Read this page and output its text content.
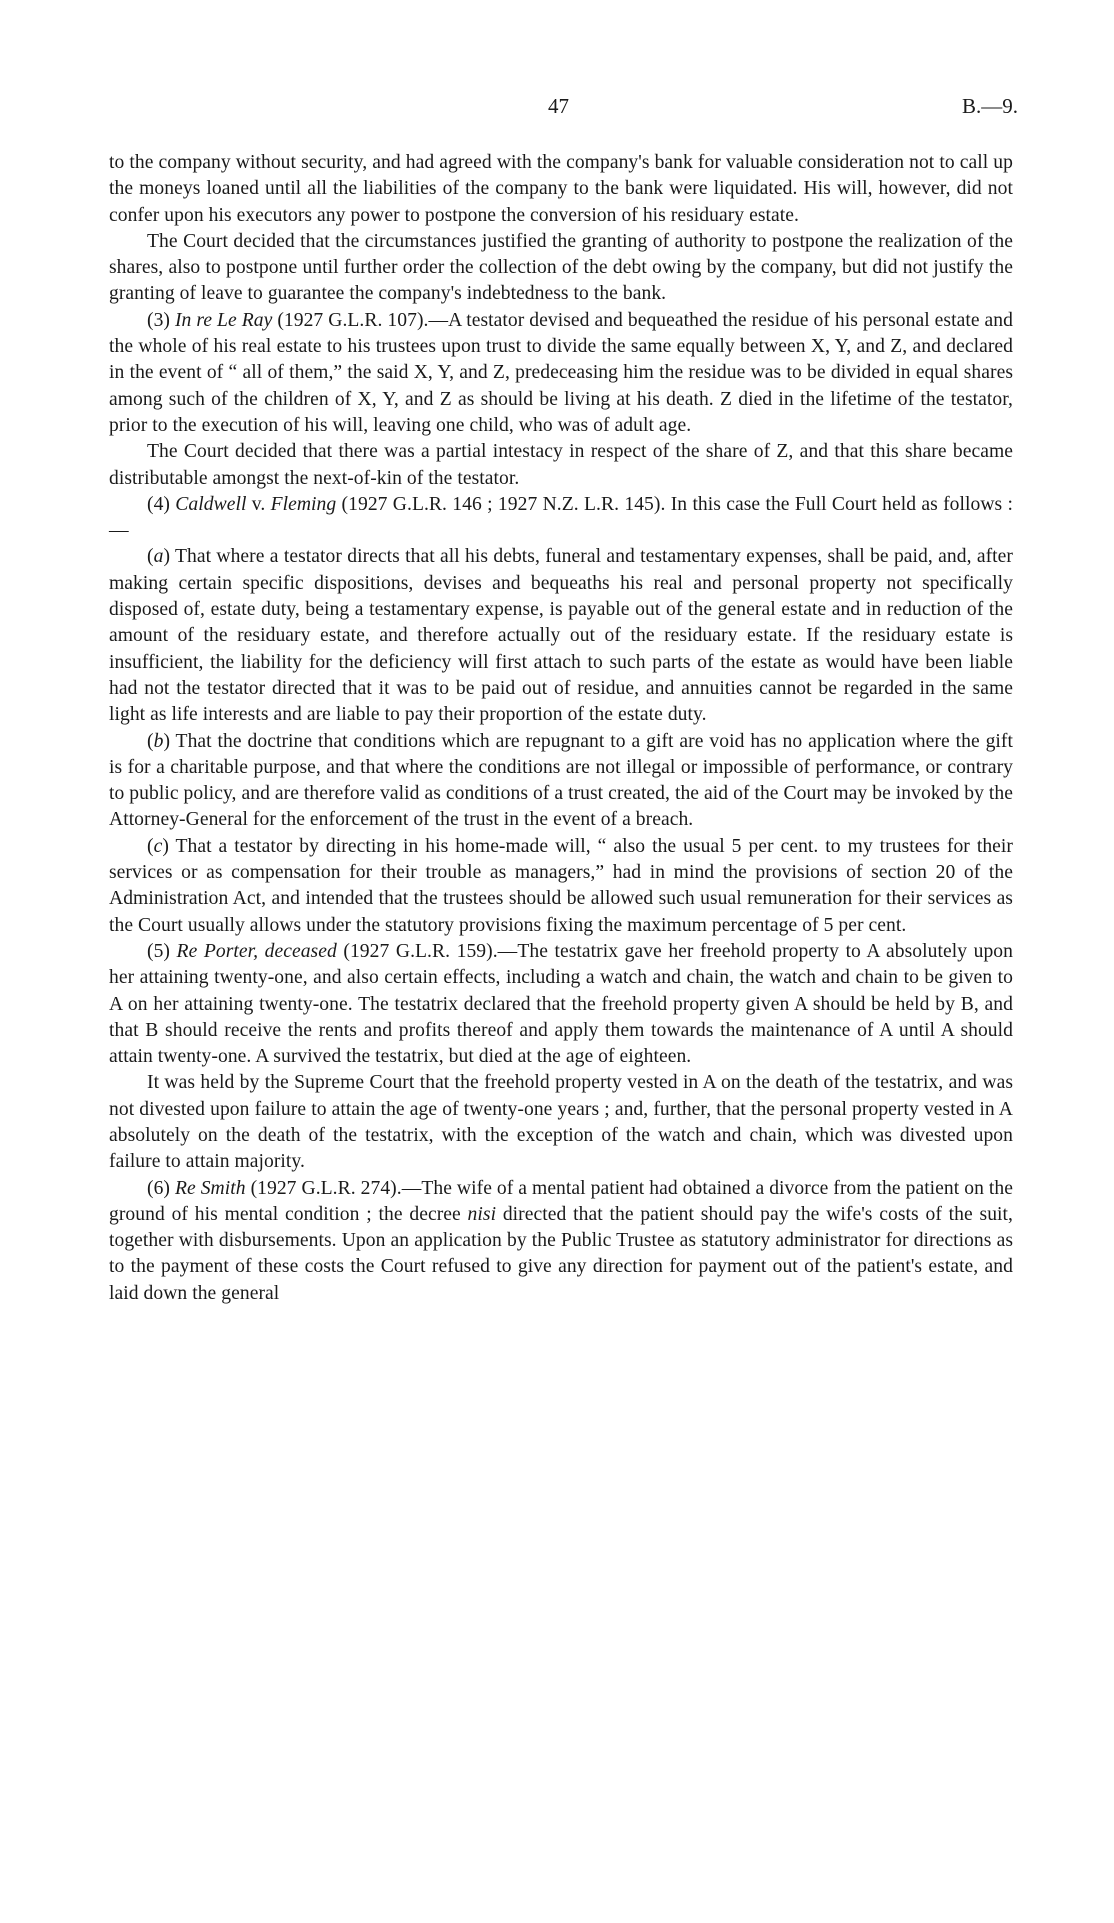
47	B.—9.

to the company without security, and had agreed with the company's bank for valuable consideration not to call up the moneys loaned until all the liabilities of the company to the bank were liquidated. His will, however, did not confer upon his executors any power to postpone the conversion of his residuary estate.

The Court decided that the circumstances justified the granting of authority to postpone the realization of the shares, also to postpone until further order the collection of the debt owing by the company, but did not justify the granting of leave to guarantee the company's indebtedness to the bank.

(3) In re Le Ray (1927 G.L.R. 107).—A testator devised and bequeathed the residue of his personal estate and the whole of his real estate to his trustees upon trust to divide the same equally between X, Y, and Z, and declared in the event of “ all of them,” the said X, Y, and Z, predeceasing him the residue was to be divided in equal shares among such of the children of X, Y, and Z as should be living at his death. Z died in the lifetime of the testator, prior to the execution of his will, leaving one child, who was of adult age.

The Court decided that there was a partial intestacy in respect of the share of Z, and that this share became distributable amongst the next-of-kin of the testator.

(4) Caldwell v. Fleming (1927 G.L.R. 146 ; 1927 N.Z. L.R. 145). In this case the Full Court held as follows :—

(a) That where a testator directs that all his debts, funeral and testamentary expenses, shall be paid, and, after making certain specific dispositions, devises and bequeaths his real and personal property not specifically disposed of, estate duty, being a testamentary expense, is payable out of the general estate and in reduction of the amount of the residuary estate, and therefore actually out of the residuary estate. If the residuary estate is insufficient, the liability for the deficiency will first attach to such parts of the estate as would have been liable had not the testator directed that it was to be paid out of residue, and annuities cannot be regarded in the same light as life interests and are liable to pay their proportion of the estate duty.

(b) That the doctrine that conditions which are repugnant to a gift are void has no application where the gift is for a charitable purpose, and that where the conditions are not illegal or impossible of performance, or contrary to public policy, and are therefore valid as conditions of a trust created, the aid of the Court may be invoked by the Attorney-General for the enforcement of the trust in the event of a breach.

(c) That a testator by directing in his home-made will, “ also the usual 5 per cent. to my trustees for their services or as compensation for their trouble as managers,” had in mind the provisions of section 20 of the Administration Act, and intended that the trustees should be allowed such usual remuneration for their services as the Court usually allows under the statutory provisions fixing the maximum percentage of 5 per cent.

(5) Re Porter, deceased (1927 G.L.R. 159).—The testatrix gave her freehold property to A absolutely upon her attaining twenty-one, and also certain effects, including a watch and chain, the watch and chain to be given to A on her attaining twenty-one. The testatrix declared that the freehold property given A should be held by B, and that B should receive the rents and profits thereof and apply them towards the maintenance of A until A should attain twenty-one. A survived the testatrix, but died at the age of eighteen.

It was held by the Supreme Court that the freehold property vested in A on the death of the testatrix, and was not divested upon failure to attain the age of twenty-one years ; and, further, that the personal property vested in A absolutely on the death of the testatrix, with the exception of the watch and chain, which was divested upon failure to attain majority.

(6) Re Smith (1927 G.L.R. 274).—The wife of a mental patient had obtained a divorce from the patient on the ground of his mental condition ; the decree nisi directed that the patient should pay the wife's costs of the suit, together with disbursements. Upon an application by the Public Trustee as statutory administrator for directions as to the payment of these costs the Court refused to give any direction for payment out of the patient's estate, and laid down the general
